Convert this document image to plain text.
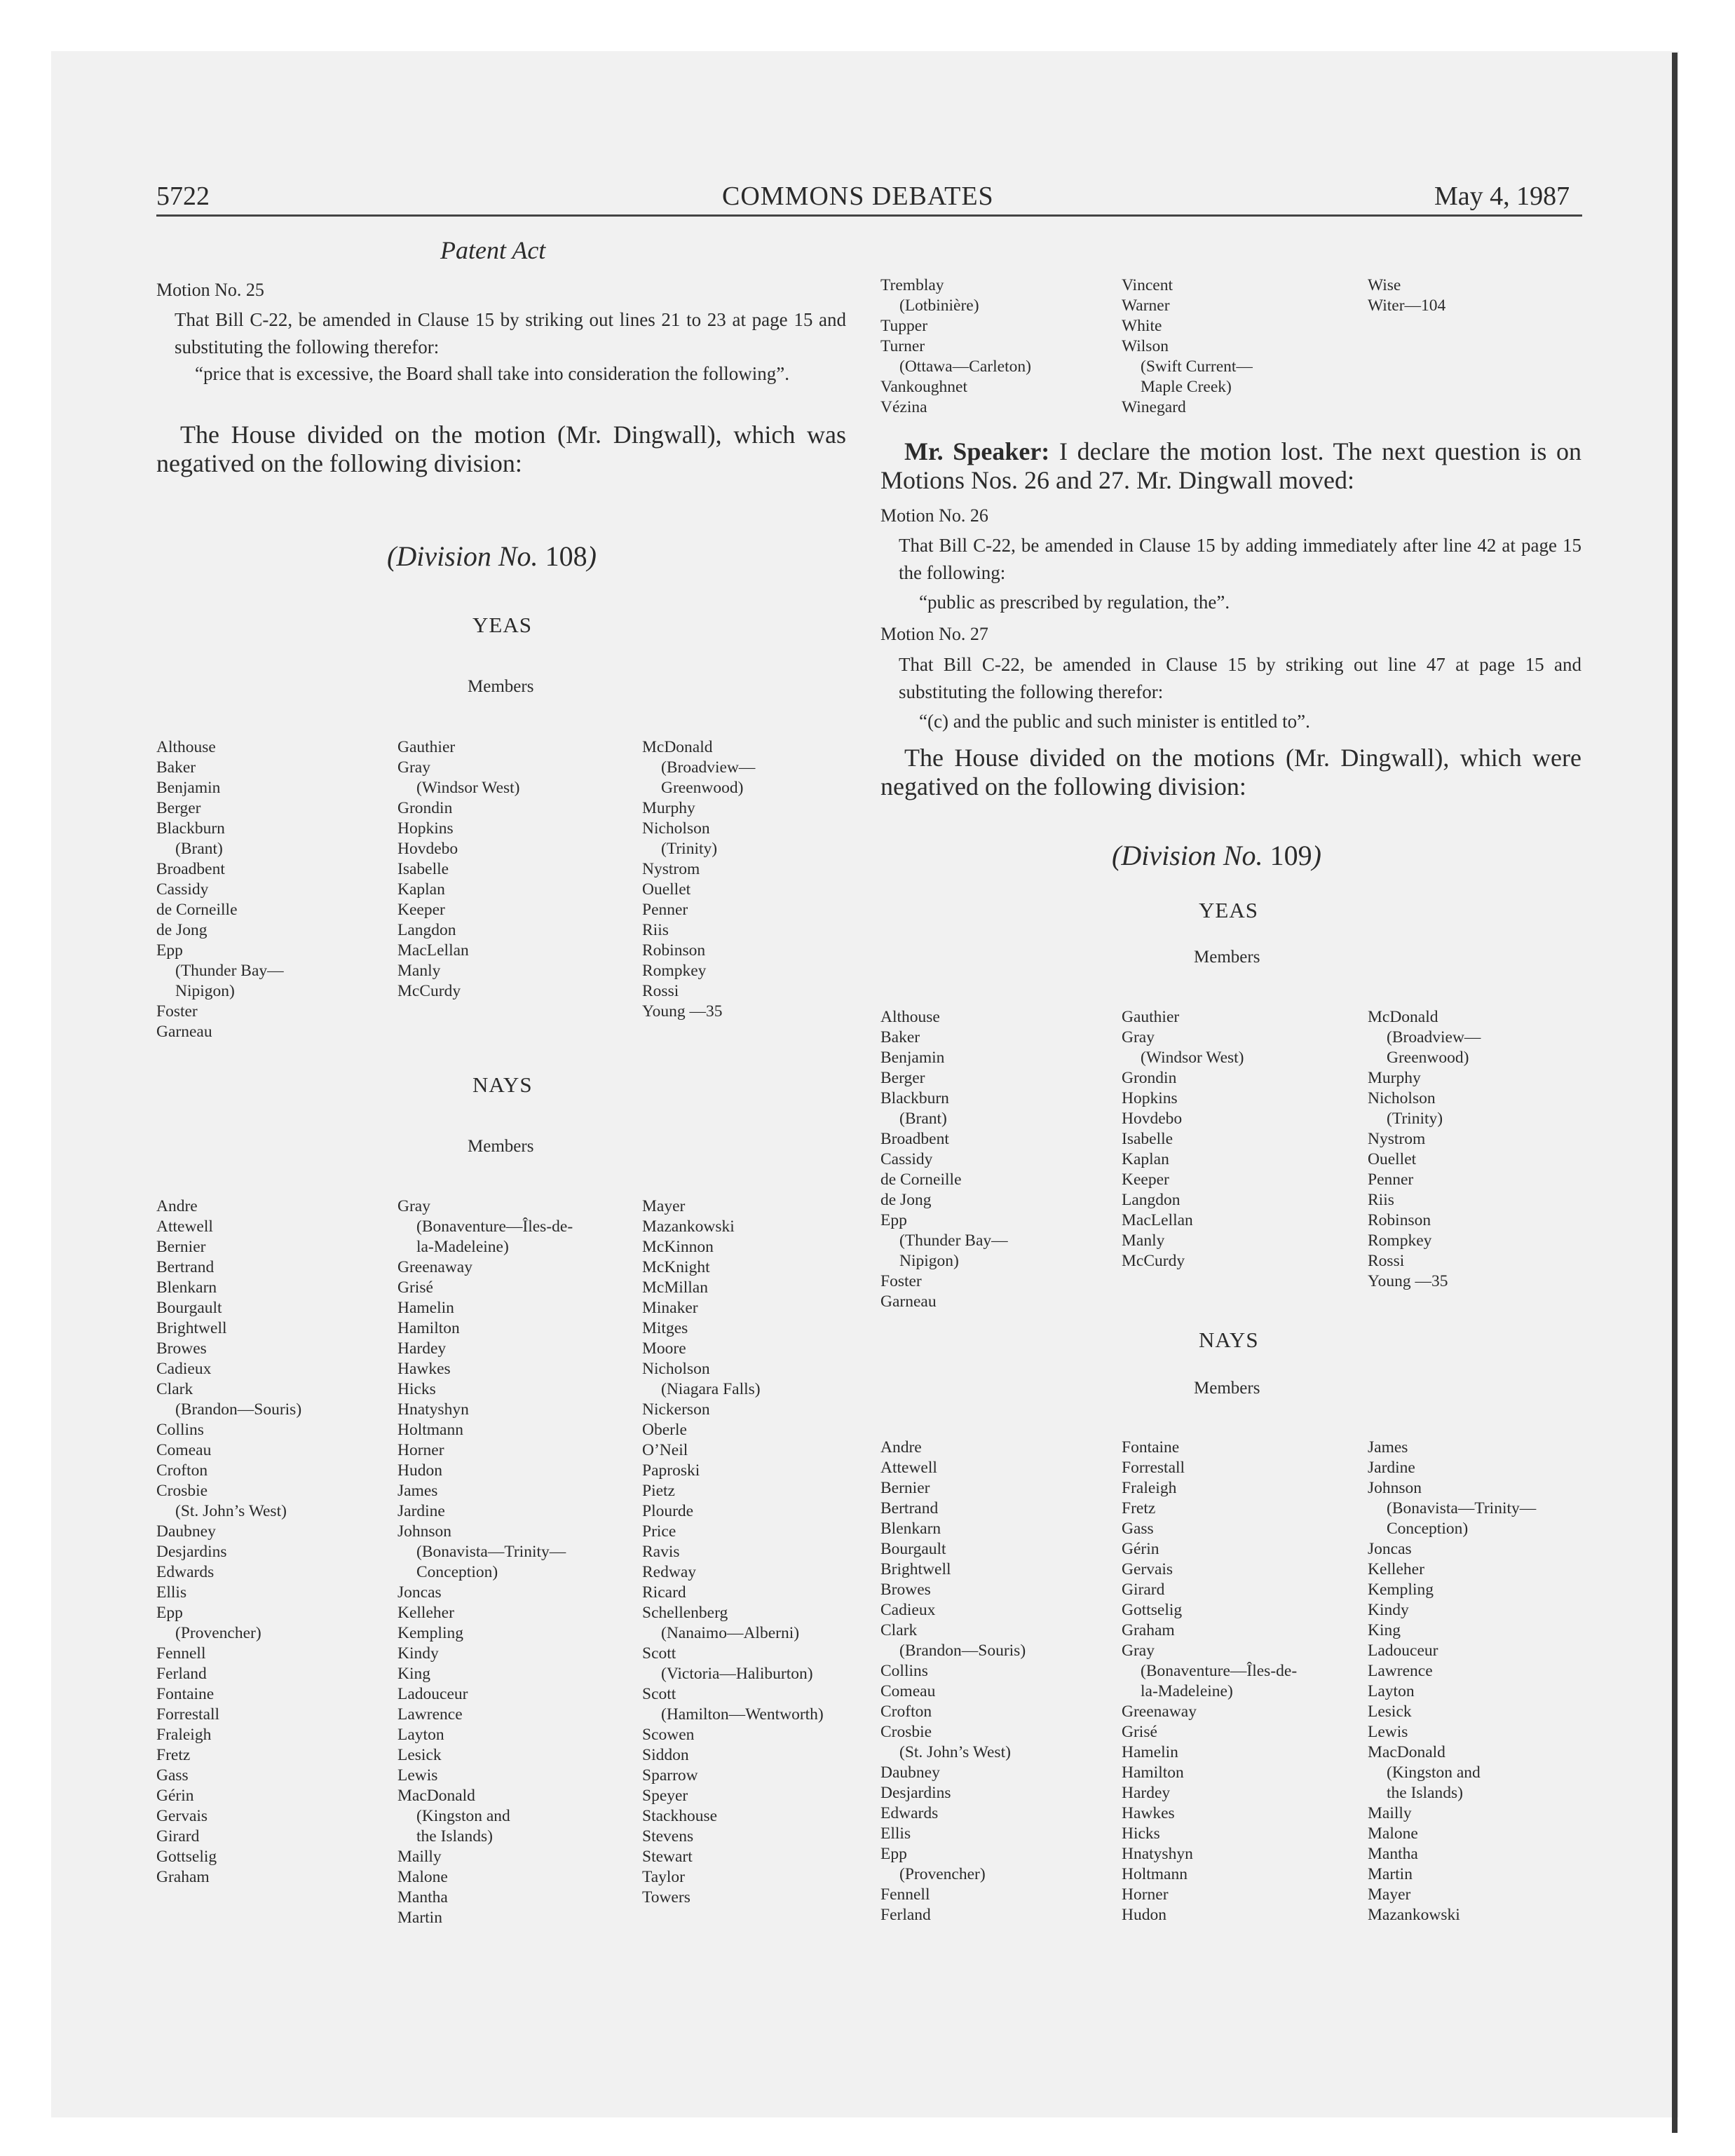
5722	COMMONS DEBATES	May 4, 1987
Patent Act
Motion No. 25
That Bill C-22, be amended in Clause 15 by striking out lines 21 to 23 at page 15 and substituting the following therefor:
“price that is excessive, the Board shall take into consideration the following”.
The House divided on the motion (Mr. Dingwall), which was negatived on the following division:
(Division No. 108)
YEAS
Members
Althouse
Baker
Benjamin
Berger
Blackburn
(Brant)
Broadbent
Cassidy
de Corneille
de Jong
Epp
(Thunder Bay—
Nipigon)
Foster
Garneau
Gauthier
Gray
(Windsor West)
Grondin
Hopkins
Hovdebo
Isabelle
Kaplan
Keeper
Langdon
MacLellan
Manly
McCurdy
McDonald
(Broadview—
Greenwood)
Murphy
Nicholson
(Trinity)
Nystrom
Ouellet
Penner
Riis
Robinson
Rompkey
Rossi
Young —35
NAYS
Members
Andre
Attewell
Bernier
Bertrand
Blenkarn
Bourgault
Brightwell
Browes
Cadieux
Clark
(Brandon—Souris)
Collins
Comeau
Crofton
Crosbie
(St. John’s West)
Daubney
Desjardins
Edwards
Ellis
Epp
(Provencher)
Fennell
Ferland
Fontaine
Forrestall
Fraleigh
Fretz
Gass
Gérin
Gervais
Girard
Gottselig
Graham
Gray
(Bonaventure—Îles-de-
la-Madeleine)
Greenaway
Grisé
Hamelin
Hamilton
Hardey
Hawkes
Hicks
Hnatyshyn
Holtmann
Horner
Hudon
James
Jardine
Johnson
(Bonavista—Trinity—
Conception)
Joncas
Kelleher
Kempling
Kindy
King
Ladouceur
Lawrence
Layton
Lesick
Lewis
MacDonald
(Kingston and
the Islands)
Mailly
Malone
Mantha
Martin
Mayer
Mazankowski
McKinnon
McKnight
McMillan
Minaker
Mitges
Moore
Nicholson
(Niagara Falls)
Nickerson
Oberle
O’Neil
Paproski
Pietz
Plourde
Price
Ravis
Redway
Ricard
Schellenberg
(Nanaimo—Alberni)
Scott
(Victoria—Haliburton)
Scott
(Hamilton—Wentworth)
Scowen
Siddon
Sparrow
Speyer
Stackhouse
Stevens
Stewart
Taylor
Towers
Tremblay
(Lotbinière)
Tupper
Turner
(Ottawa—Carleton)
Vankoughnet
Vézina
Vincent
Warner
White
Wilson
(Swift Current—
Maple Creek)
Winegard
Wise
Witer—104
Mr. Speaker: I declare the motion lost. The next question is on Motions Nos. 26 and 27. Mr. Dingwall moved:
Motion No. 26
That Bill C-22, be amended in Clause 15 by adding immediately after line 42 at page 15 the following:
“public as prescribed by regulation, the”.
Motion No. 27
That Bill C-22, be amended in Clause 15 by striking out line 47 at page 15 and substituting the following therefor:
“(c) and the public and such minister is entitled to”.
The House divided on the motions (Mr. Dingwall), which were negatived on the following division:
(Division No. 109)
YEAS
Members
Althouse
Baker
Benjamin
Berger
Blackburn
(Brant)
Broadbent
Cassidy
de Corneille
de Jong
Epp
(Thunder Bay—
Nipigon)
Foster
Garneau
Gauthier
Gray
(Windsor West)
Grondin
Hopkins
Hovdebo
Isabelle
Kaplan
Keeper
Langdon
MacLellan
Manly
McCurdy
McDonald
(Broadview—
Greenwood)
Murphy
Nicholson
(Trinity)
Nystrom
Ouellet
Penner
Riis
Robinson
Rompkey
Rossi
Young —35
NAYS
Members
Andre
Attewell
Bernier
Bertrand
Blenkarn
Bourgault
Brightwell
Browes
Cadieux
Clark
(Brandon—Souris)
Collins
Comeau
Crofton
Crosbie
(St. John’s West)
Daubney
Desjardins
Edwards
Ellis
Epp
(Provencher)
Fennell
Ferland
Fontaine
Forrestall
Fraleigh
Fretz
Gass
Gérin
Gervais
Girard
Gottselig
Graham
Gray
(Bonaventure—Îles-de-
la-Madeleine)
Greenaway
Grisé
Hamelin
Hamilton
Hardey
Hawkes
Hicks
Hnatyshyn
Holtmann
Horner
Hudon
James
Jardine
Johnson
(Bonavista—Trinity—
Conception)
Joncas
Kelleher
Kempling
Kindy
King
Ladouceur
Lawrence
Layton
Lesick
Lewis
MacDonald
(Kingston and
the Islands)
Mailly
Malone
Mantha
Martin
Mayer
Mazankowski
